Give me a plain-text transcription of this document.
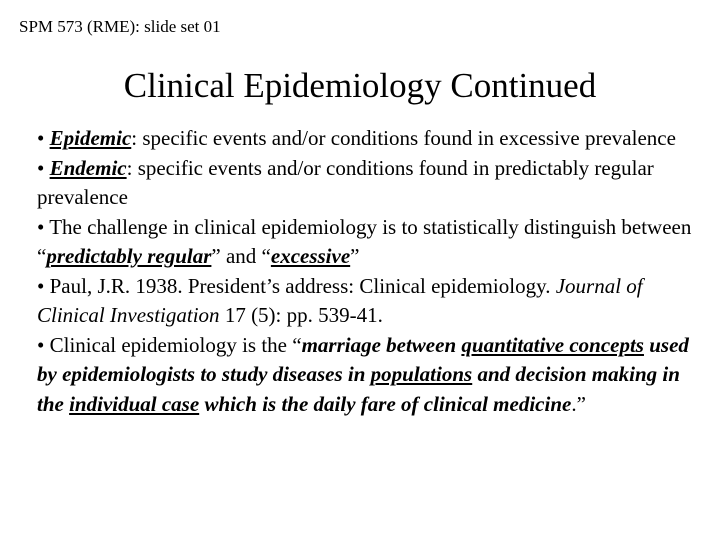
SPM 573 (RME): slide set 01
Clinical Epidemiology Continued
• Epidemic: specific events and/or conditions found in excessive prevalence
• Endemic: specific events and/or conditions found in predictably regular prevalence
• The challenge in clinical epidemiology is to statistically distinguish between “predictably regular” and “excessive”
• Paul, J.R. 1938. President’s address: Clinical epidemiology. Journal of Clinical Investigation 17 (5): pp. 539-41.
• Clinical epidemiology is the “marriage between quantitative concepts used by epidemiologists to study diseases in populations and decision making in the individual case which is the daily fare of clinical medicine.”
